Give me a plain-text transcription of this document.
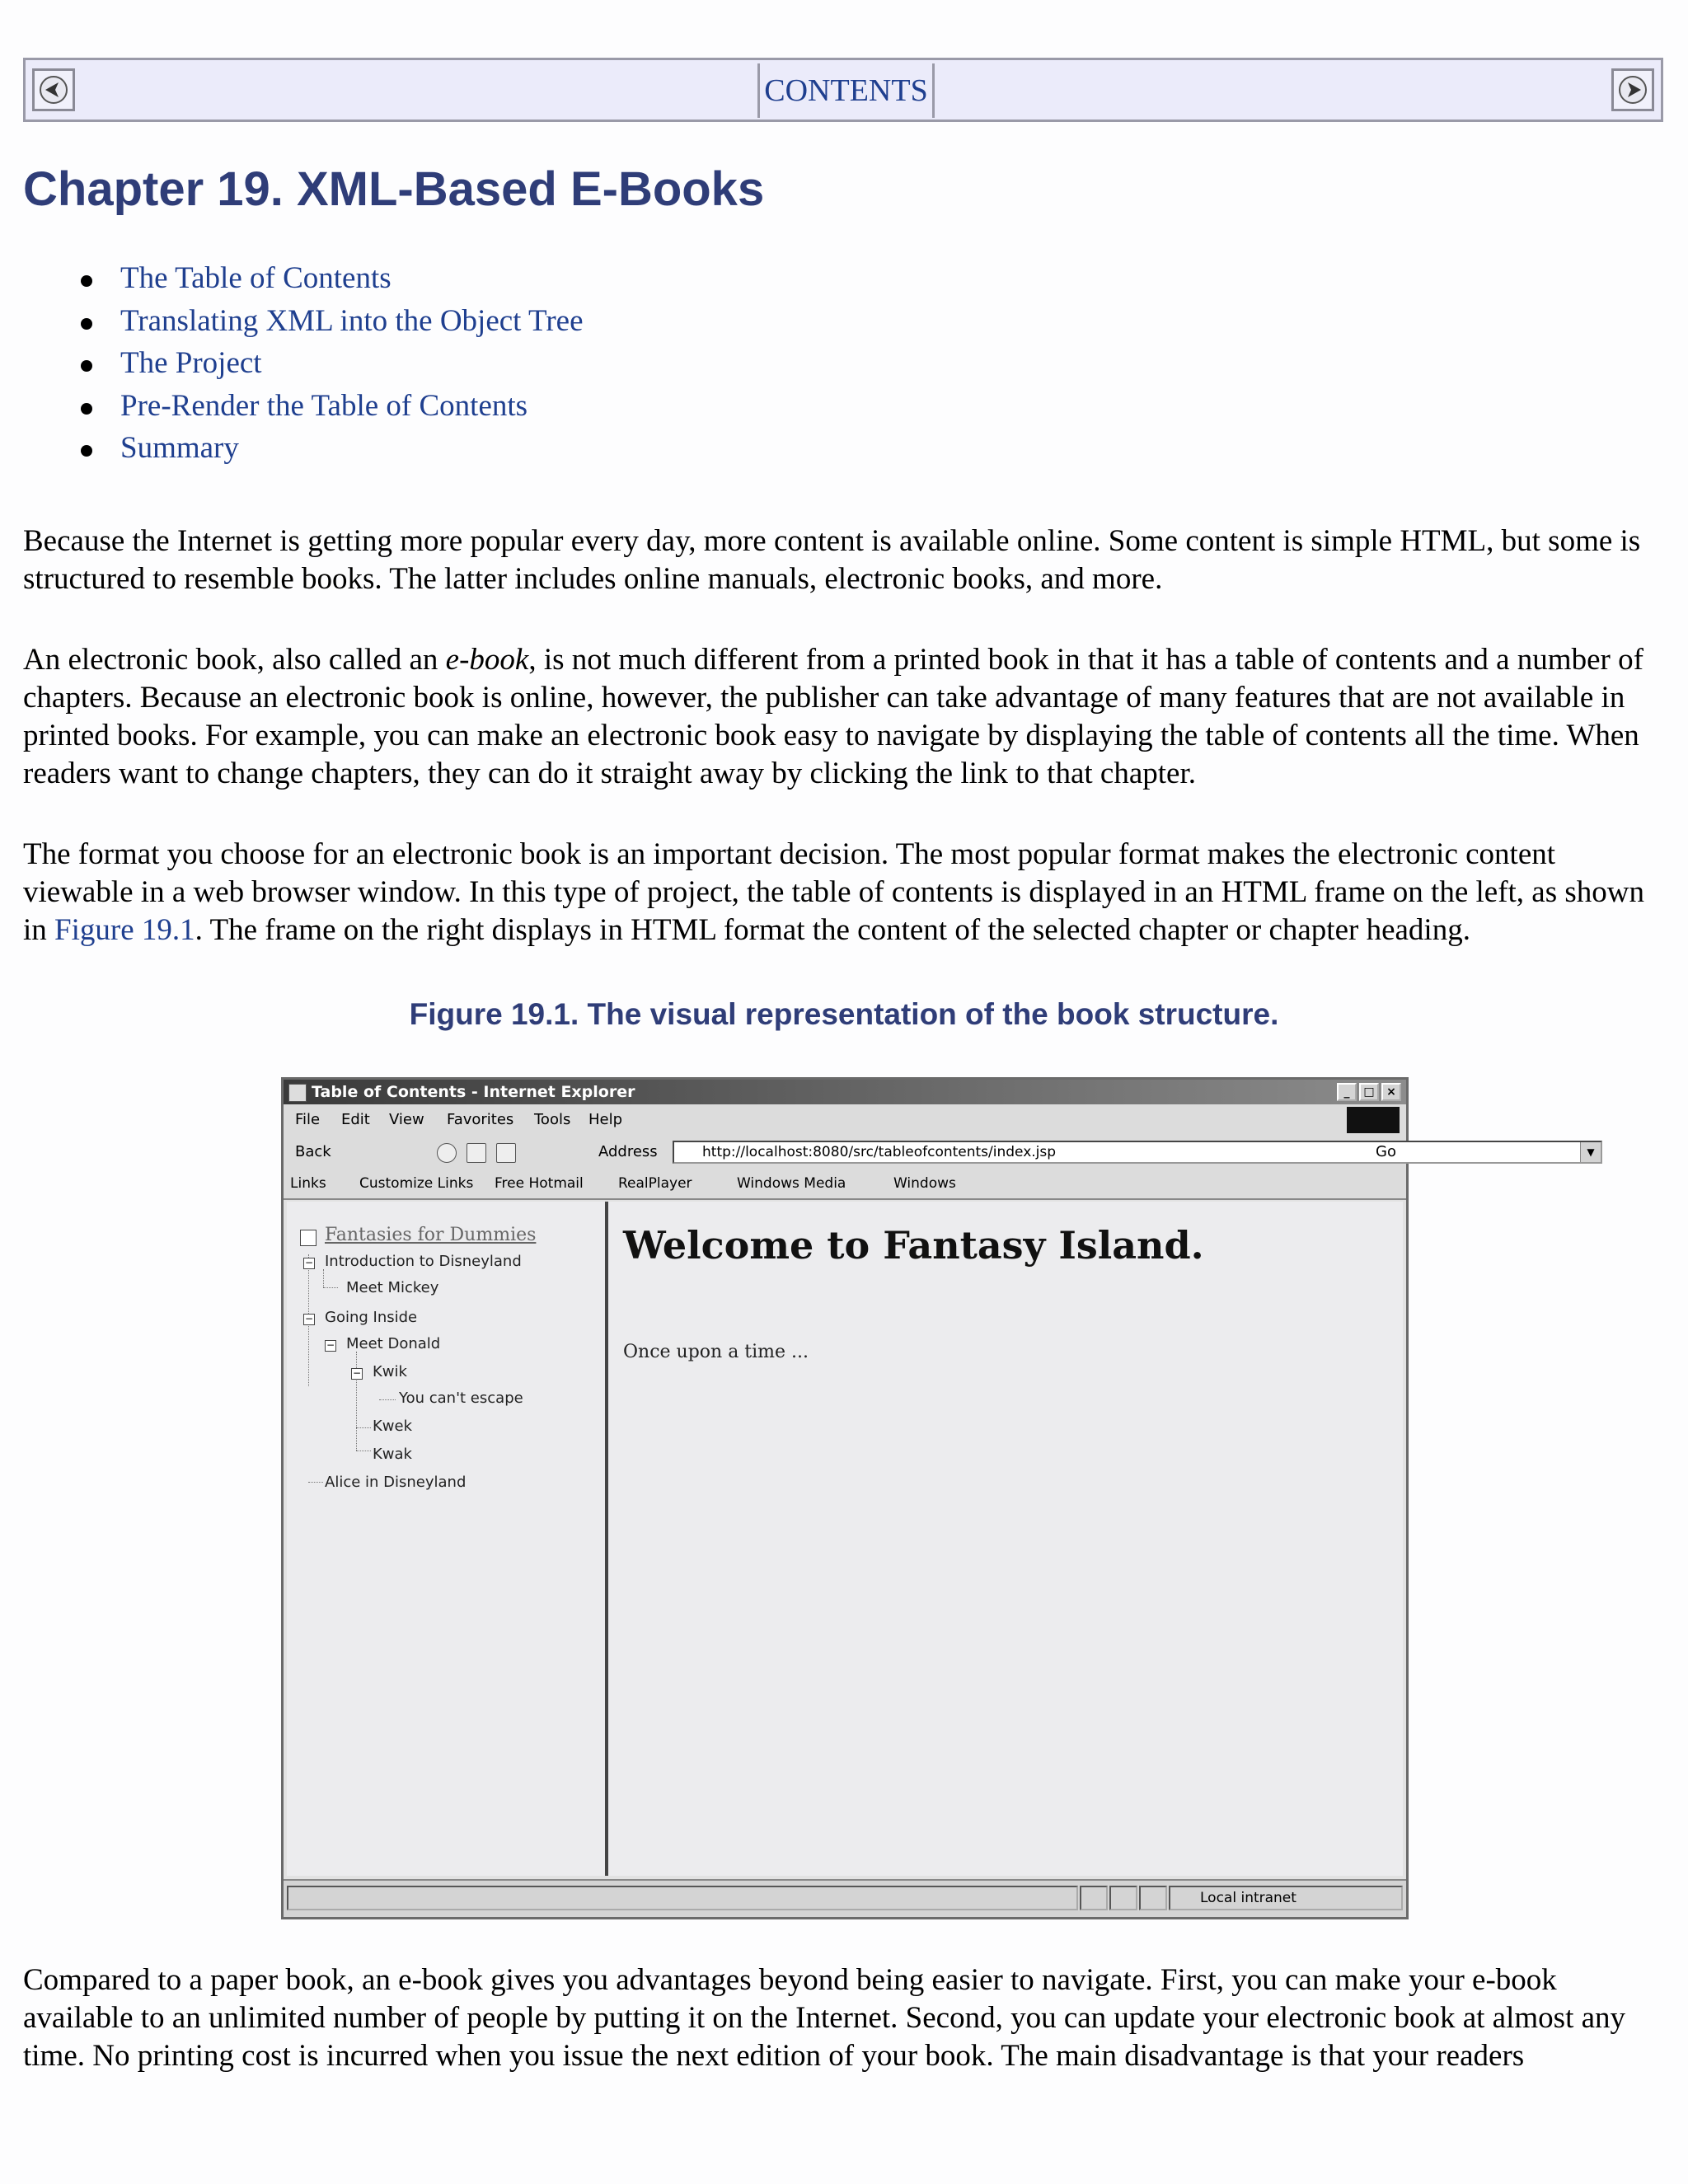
CONTENTS
Chapter 19. XML-Based E-Books
The Table of Contents
Translating XML into the Object Tree
The Project
Pre-Render the Table of Contents
Summary

Because the Internet is getting more popular every day, more content is available online. Some content is simple HTML, but some is structured to resemble books. The latter includes online manuals, electronic books, and more.

An electronic book, also called an e-book, is not much different from a printed book in that it has a table of contents and a number of chapters. Because an electronic book is online, however, the publisher can take advantage of many features that are not available in printed books. For example, you can make an electronic book easy to navigate by displaying the table of contents all the time. When readers want to change chapters, they can do it straight away by clicking the link to that chapter.

The format you choose for an electronic book is an important decision. The most popular format makes the electronic content viewable in a web browser window. In this type of project, the table of contents is displayed in an HTML frame on the left, as shown in Figure 19.1. The frame on the right displays in HTML format the content of the selected chapter or chapter heading.

Figure 19.1. The visual representation of the book structure.
Table of Contents - Internet Explorer	_	□	×
File Edit View Favorites Tools Help
Back	Address	http://localhost:8080/src/tableofcontents/index.jsp	▼
Go
Links Customize Links Free Hotmail RealPlayer	Windows Media	Windows
Fantasies for Dummies
− Introduction to Disneyland
Meet Mickey
− Going Inside
− Meet Donald
− Kwik
You can't escape
Kwek
Kwak
Alice in Disneyland
Welcome to Fantasy Island.
Once upon a time ...
Local intranet

Compared to a paper book, an e-book gives you advantages beyond being easier to navigate. First, you can make your e-book available to an unlimited number of people by putting it on the Internet. Second, you can update your electronic book at almost any time. No printing cost is incurred when you issue the next edition of your book. The main disadvantage is that your readers
